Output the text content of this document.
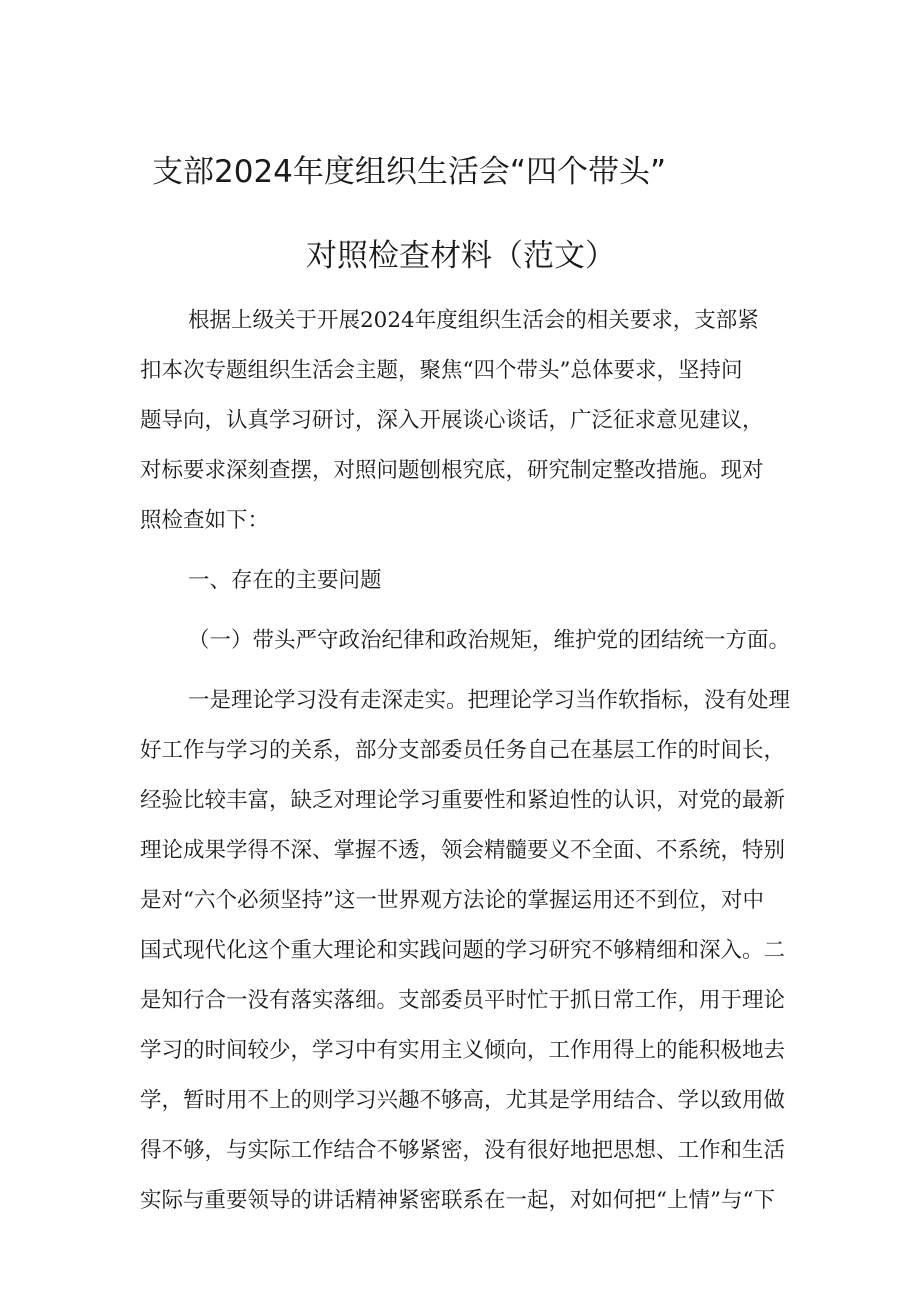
支部2024年度组织生活会“四个带头”
对照检查材料（范文）
根据上级关于开展2024年度组织生活会的相关要求，支部紧
扣本次专题组织生活会主题，聚焦“四个带头”总体要求，坚持问
题导向，认真学习研讨，深入开展谈心谈话，广泛征求意见建议，
对标要求深刻查摆，对照问题刨根究底，研究制定整改措施。现对
照检查如下：
一、存在的主要问题
（一）带头严守政治纪律和政治规矩，维护党的团结统一方面。
一是理论学习没有走深走实。把理论学习当作软指标，没有处理
好工作与学习的关系，部分支部委员任务自己在基层工作的时间长，
经验比较丰富，缺乏对理论学习重要性和紧迫性的认识，对党的最新
理论成果学得不深、掌握不透，领会精髓要义不全面、不系统，特别
是对“六个必须坚持”这一世界观方法论的掌握运用还不到位，对中
国式现代化这个重大理论和实践问题的学习研究不够精细和深入。二
是知行合一没有落实落细。支部委员平时忙于抓日常工作，用于理论
学习的时间较少，学习中有实用主义倾向，工作用得上的能积极地去
学，暂时用不上的则学习兴趣不够高，尤其是学用结合、学以致用做
得不够，与实际工作结合不够紧密，没有很好地把思想、工作和生活
实际与重要领导的讲话精神紧密联系在一起，对如何把“上情”与“下
